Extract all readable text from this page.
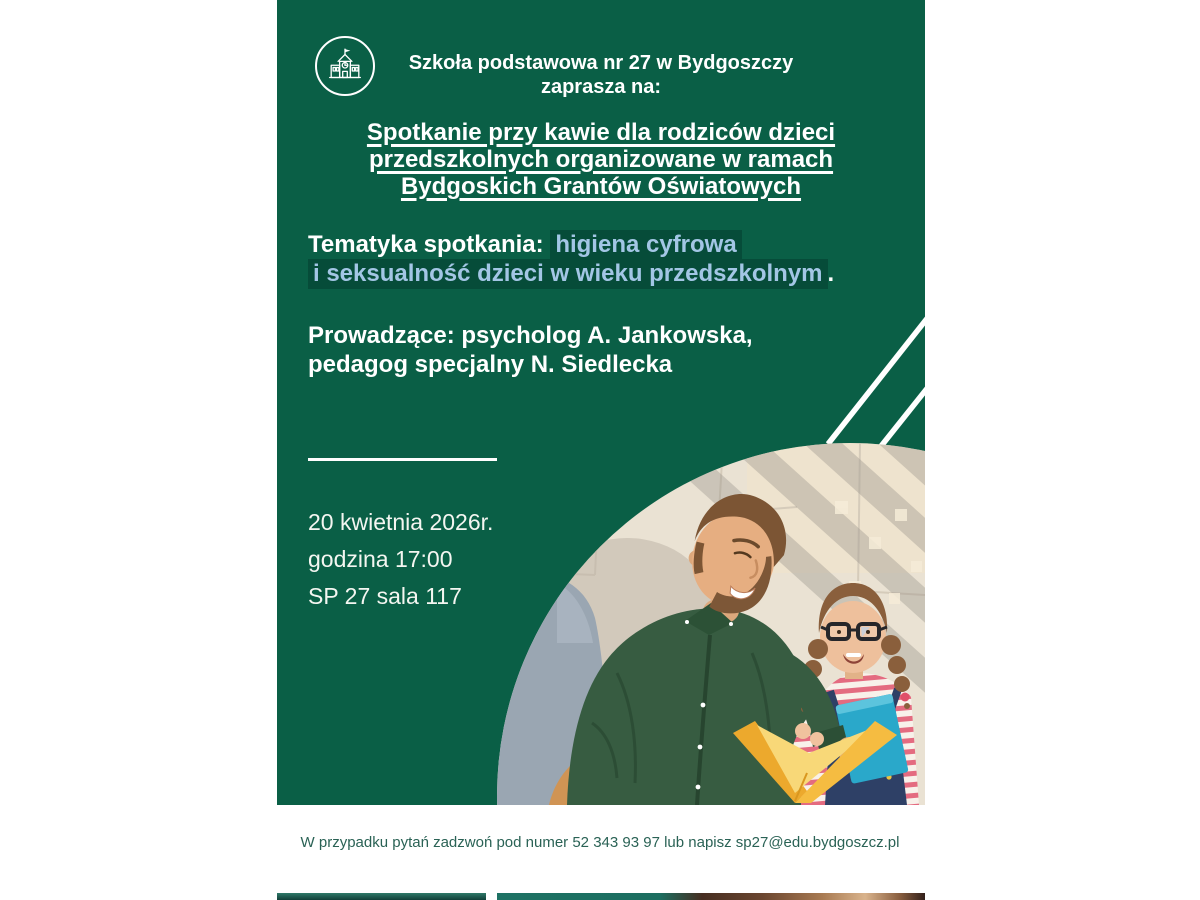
Szkoła podstawowa nr 27 w Bydgoszczy
zaprasza na:
Spotkanie przy kawie dla rodziców dzieci
przedszkolnych organizowane w ramach
Bydgoskich Grantów Oświatowych
Tematyka spotkania: higiena cyfrowa
i seksualność dzieci w wieku przedszkolnym .
Prowadzące: psycholog A. Jankowska,
pedagog specjalny N. Siedlecka
20 kwietnia 2026r.
godzina 17:00
SP 27 sala 117
W przypadku pytań zadzwoń pod numer 52 343 93 97 lub napisz sp27@edu.bydgoszcz.pl
